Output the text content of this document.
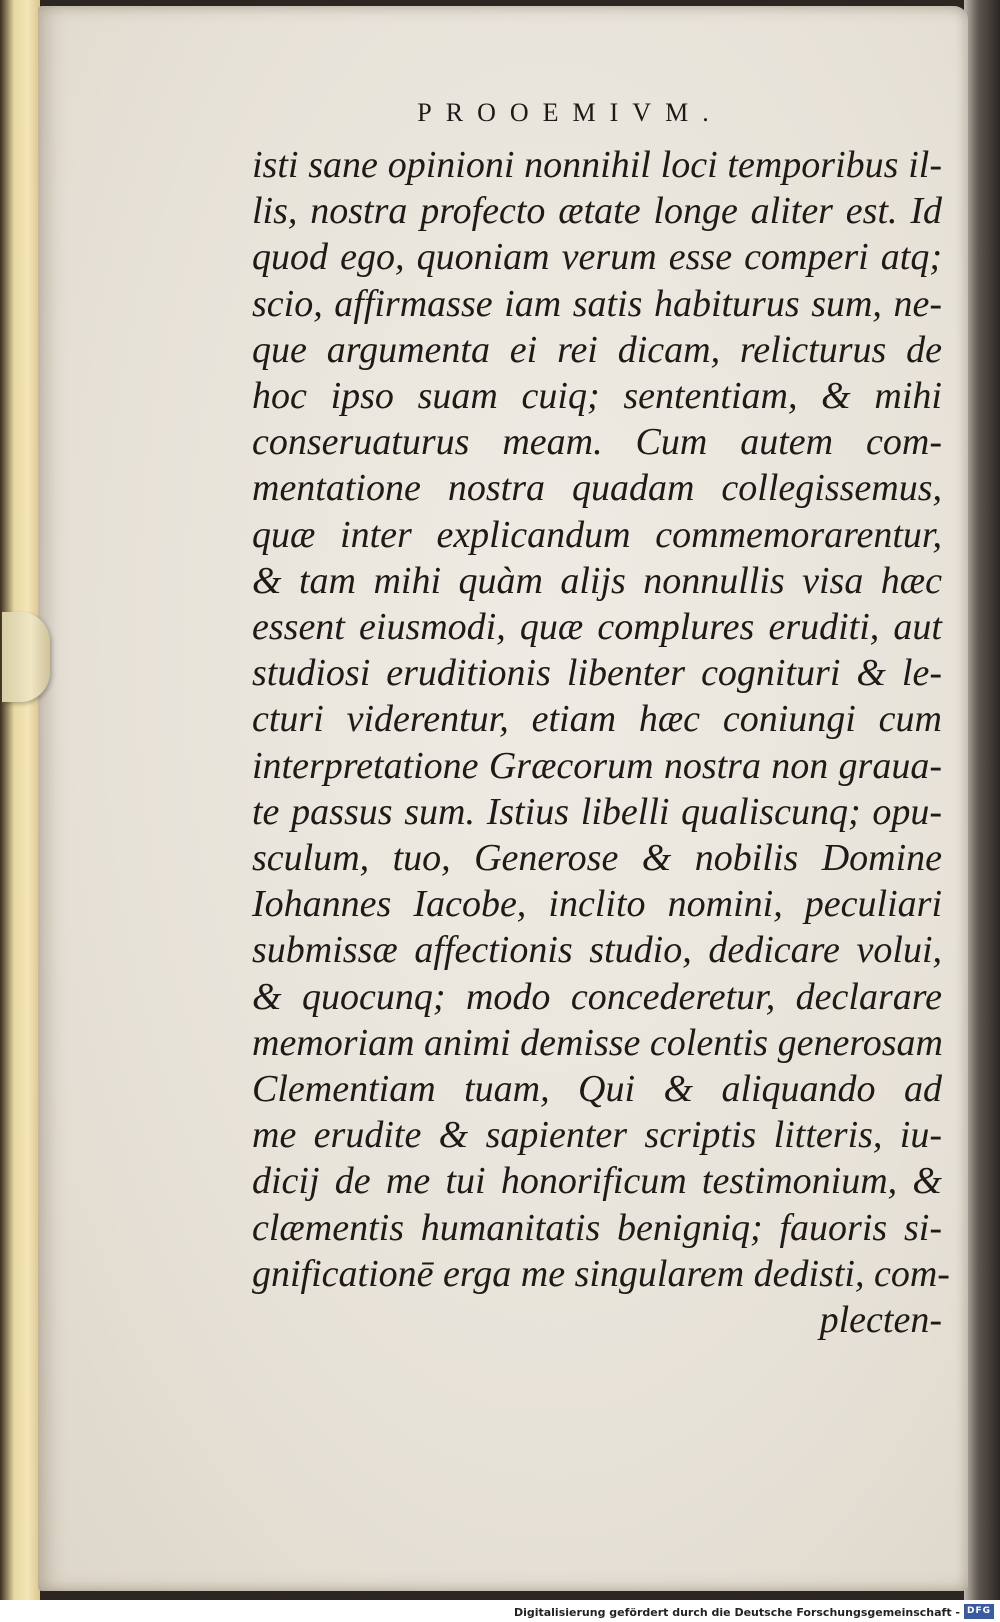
PROOEMIVM.
isti sane opinioni nonnihil loci temporibus il-
lis, nostra profecto ætate longe aliter est. Id
quod ego, quoniam verum esse comperi atq;
scio, affirmasse iam satis habiturus sum, ne-
que argumenta ei rei dicam, relicturus de
hoc ipso suam cuiq; sententiam, & mihi
conseruaturus meam. Cum autem com-
mentatione nostra quadam collegissemus,
quæ inter explicandum commemorarentur,
& tam mihi quàm alijs nonnullis visa hæc
essent eiusmodi, quæ complures eruditi, aut
studiosi eruditionis libenter cognituri & le-
cturi viderentur, etiam hæc coniungi cum
interpretatione Græcorum nostra non graua-
te passus sum. Istius libelli qualiscunq; opu-
sculum, tuo, Generose & nobilis Domine
Iohannes Iacobe, inclito nomini, peculiari
submissæ affectionis studio, dedicare volui,
& quocunq; modo concederetur, declarare
memoriam animi demisse colentis generosam
Clementiam tuam, Qui & aliquando ad
me erudite & sapienter scriptis litteris, iu-
dicij de me tui honorificum testimonium, &
clæmentis humanitatis benigniq; fauoris si-
gnificationē erga me singularem dedisti, com-
plecten-
Digitalisierung gefördert durch die Deutsche Forschungsgemeinschaft - DFG
